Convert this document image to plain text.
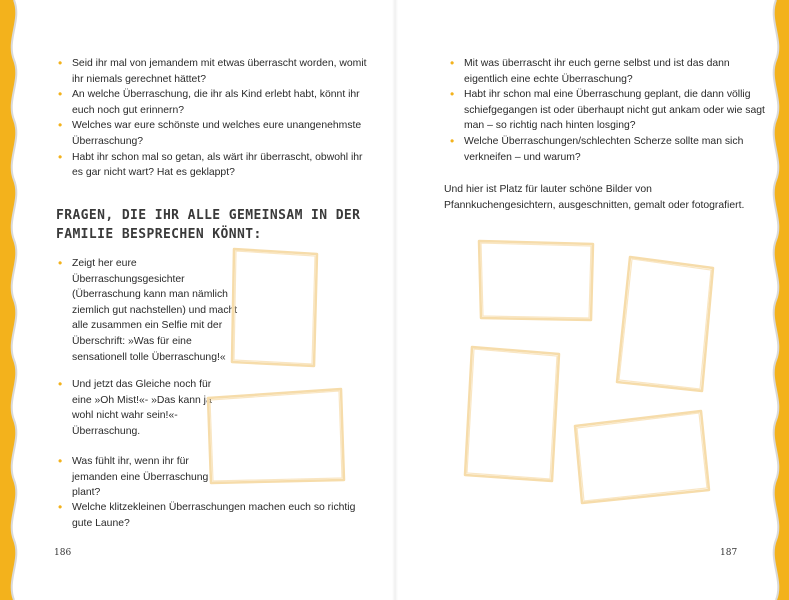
• Seid ihr mal von jemandem mit etwas überrascht worden, womit ihr niemals gerechnet hättet?
• An welche Überraschung, die ihr als Kind erlebt habt, könnt ihr euch noch gut erinnern?
• Welches war eure schönste und welches eure unangenehmste Überraschung?
• Habt ihr schon mal so getan, als wärt ihr überrascht, obwohl ihr es gar nicht wart? Hat es geklappt?
FRAGEN, DIE IHR ALLE GEMEINSAM IN DER FAMILIE BESPRECHEN KÖNNT:
• Zeigt her eure Überraschungsgesichter (Überraschung kann man nämlich ziemlich gut nachstellen) und macht alle zusammen ein Selfie mit der Überschrift: »Was für eine sensationell tolle Überraschung!«
• Und jetzt das Gleiche noch für eine »Oh Mist!«- »Das kann ja wohl nicht wahr sein!«-Überraschung.
• Was fühlt ihr, wenn ihr für jemanden eine Überraschung plant?
• Welche klitzekleinen Überraschungen machen euch so richtig gute Laune?
186
• Mit was überrascht ihr euch gerne selbst und ist das dann eigentlich eine echte Überraschung?
• Habt ihr schon mal eine Überraschung geplant, die dann völlig schiefgegangen ist oder überhaupt nicht gut ankam oder wie sagt man – so richtig nach hinten losging?
• Welche Überraschungen/schlechten Scherze sollte man sich verkneifen – und warum?

Und hier ist Platz für lauter schöne Bilder von Pfannkuchengesichtern, ausgeschnitten, gemalt oder fotografiert.

187
